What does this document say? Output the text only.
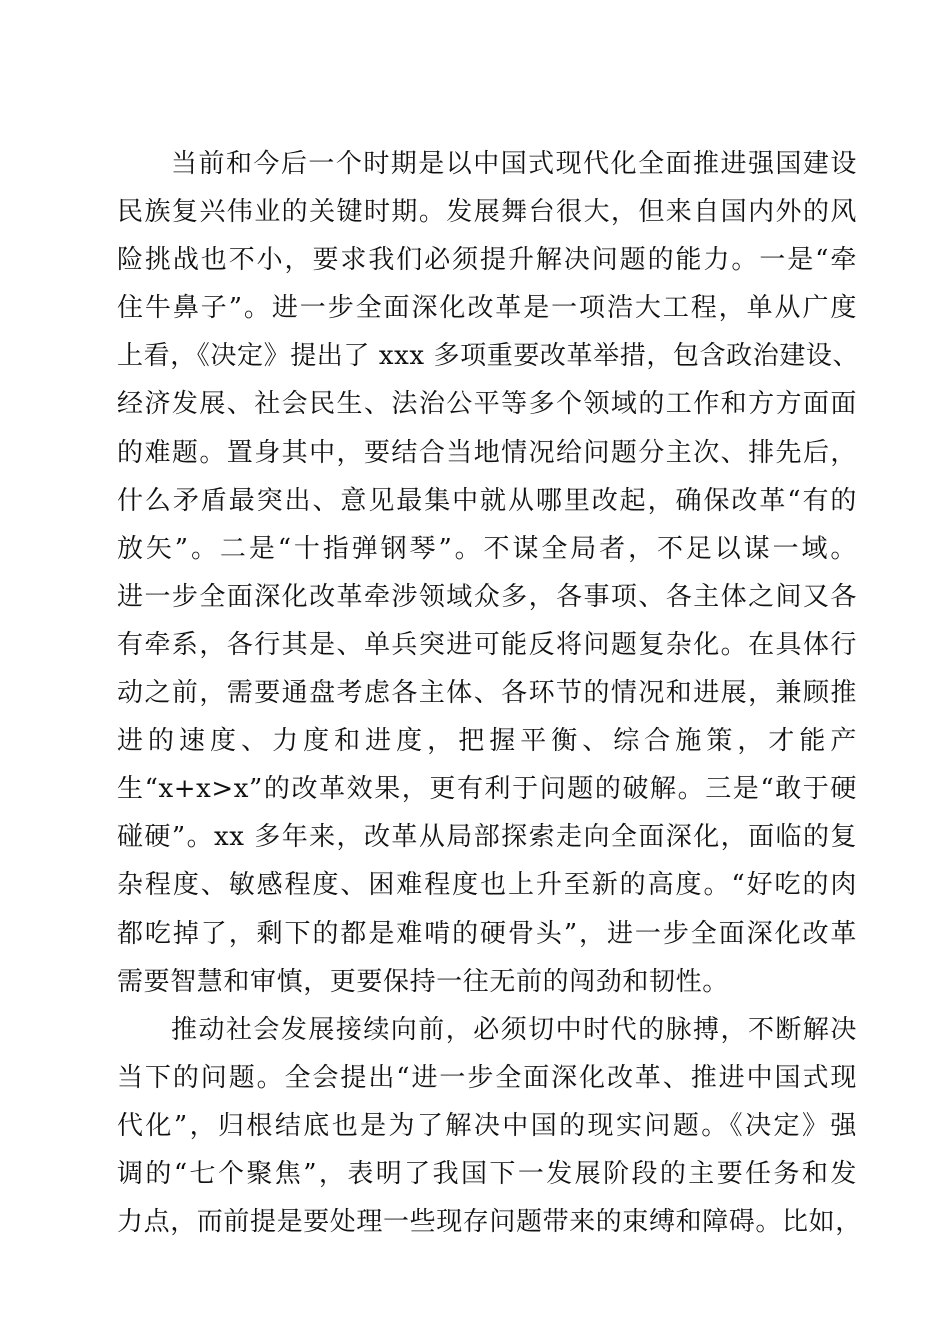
当前和今后一个时期是以中国式现代化全面推进强国建设
民族复兴伟业的关键时期。发展舞台很大，但来自国内外的风
险挑战也不小，要求我们必须提升解决问题的能力。一是“牵
住牛鼻子”。进一步全面深化改革是一项浩大工程，单从广度
上看，《决定》提出了 xxx 多项重要改革举措，包含政治建设、
经济发展、社会民生、法治公平等多个领域的工作和方方面面
的难题。置身其中，要结合当地情况给问题分主次、排先后，
什么矛盾最突出、意见最集中就从哪里改起，确保改革“有的
放矢”。二是“十指弹钢琴”。不谋全局者，不足以谋一域。
进一步全面深化改革牵涉领域众多，各事项、各主体之间又各
有牵系，各行其是、单兵突进可能反将问题复杂化。在具体行
动之前，需要通盘考虑各主体、各环节的情况和进展，兼顾推
进的速度、力度和进度，把握平衡、综合施策，才能产
生“x+x>x”的改革效果，更有利于问题的破解。三是“敢于硬
碰硬”。xx 多年来，改革从局部探索走向全面深化，面临的复
杂程度、敏感程度、困难程度也上升至新的高度。“好吃的肉
都吃掉了，剩下的都是难啃的硬骨头”，进一步全面深化改革
需要智慧和审慎，更要保持一往无前的闯劲和韧性。
推动社会发展接续向前，必须切中时代的脉搏，不断解决
当下的问题。全会提出“进一步全面深化改革、推进中国式现
代化”，归根结底也是为了解决中国的现实问题。《决定》强
调的“七个聚焦”，表明了我国下一发展阶段的主要任务和发
力点，而前提是要处理一些现存问题带来的束缚和障碍。比如，
